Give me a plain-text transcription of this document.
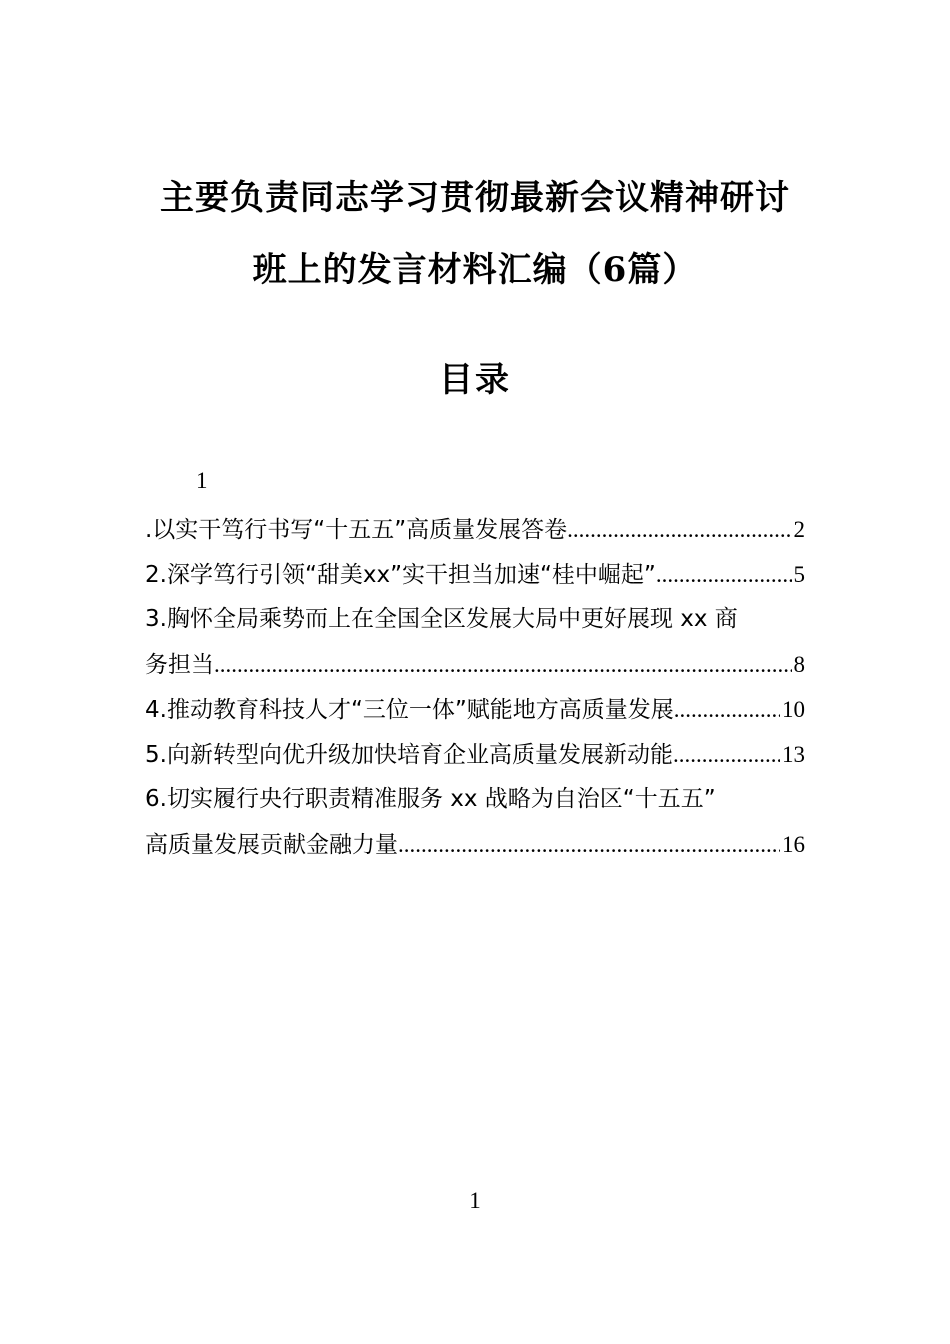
主要负责同志学习贯彻最新会议精神研讨
班上的发言材料汇编（6篇）
目录
1
.以实干笃行书写“十五五”高质量发展答卷 .....	2
2.深学笃行引领“甜美xx”实干担当加速“桂中崛起” .....	5
3.胸怀全局乘势而上在全国全区发展大局中更好展现 xx 商
务担当 .....	8
4.推动教育科技人才“三位一体”赋能地方高质量发展 .....	10
5.向新转型向优升级加快培育企业高质量发展新动能 .....	13
6.切实履行央行职责精准服务 xx 战略为自治区“十五五”
高质量发展贡献金融力量 .....	16
1
